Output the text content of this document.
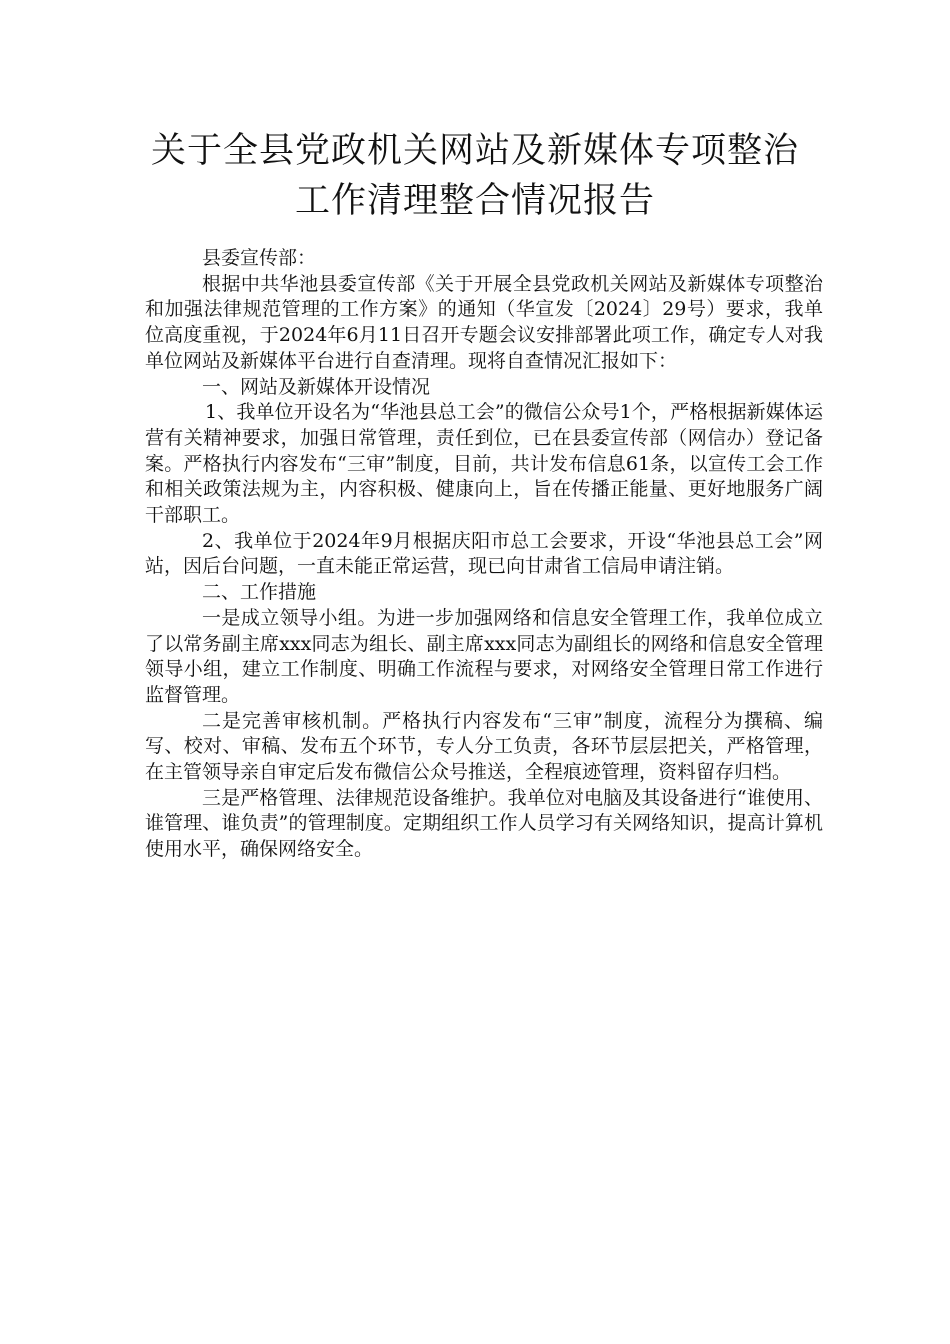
关于全县党政机关网站及新媒体专项整治
工作清理整合情况报告

县委宣传部：

根据中共华池县委宣传部《关于开展全县党政机关网站及新媒体专项整治和加强法律规范管理的工作方案》的通知（华宣发〔2024〕29号）要求，我单位高度重视，于2024年6月11日召开专题会议安排部署此项工作，确定专人对我单位网站及新媒体平台进行自查清理。现将自查情况汇报如下：

一、网站及新媒体开设情况

1、我单位开设名为“华池县总工会”的微信公众号1个，严格根据新媒体运营有关精神要求，加强日常管理，责任到位，已在县委宣传部（网信办）登记备案。严格执行内容发布“三审”制度，目前，共计发布信息61条，以宣传工会工作和相关政策法规为主，内容积极、健康向上，旨在传播正能量、更好地服务广阔干部职工。

2、我单位于2024年9月根据庆阳市总工会要求，开设“华池县总工会”网站，因后台问题，一直未能正常运营，现已向甘肃省工信局申请注销。

二、工作措施

一是成立领导小组。为进一步加强网络和信息安全管理工作，我单位成立了以常务副主席xxx同志为组长、副主席xxx同志为副组长的网络和信息安全管理领导小组，建立工作制度、明确工作流程与要求，对网络安全管理日常工作进行监督管理。

二是完善审核机制。严格执行内容发布“三审”制度，流程分为撰稿、编写、校对、审稿、发布五个环节，专人分工负责，各环节层层把关，严格管理，在主管领导亲自审定后发布微信公众号推送，全程痕迹管理，资料留存归档。

三是严格管理、法律规范设备维护。我单位对电脑及其设备进行“谁使用、谁管理、谁负责”的管理制度。定期组织工作人员学习有关网络知识，提高计算机使用水平，确保网络安全。
